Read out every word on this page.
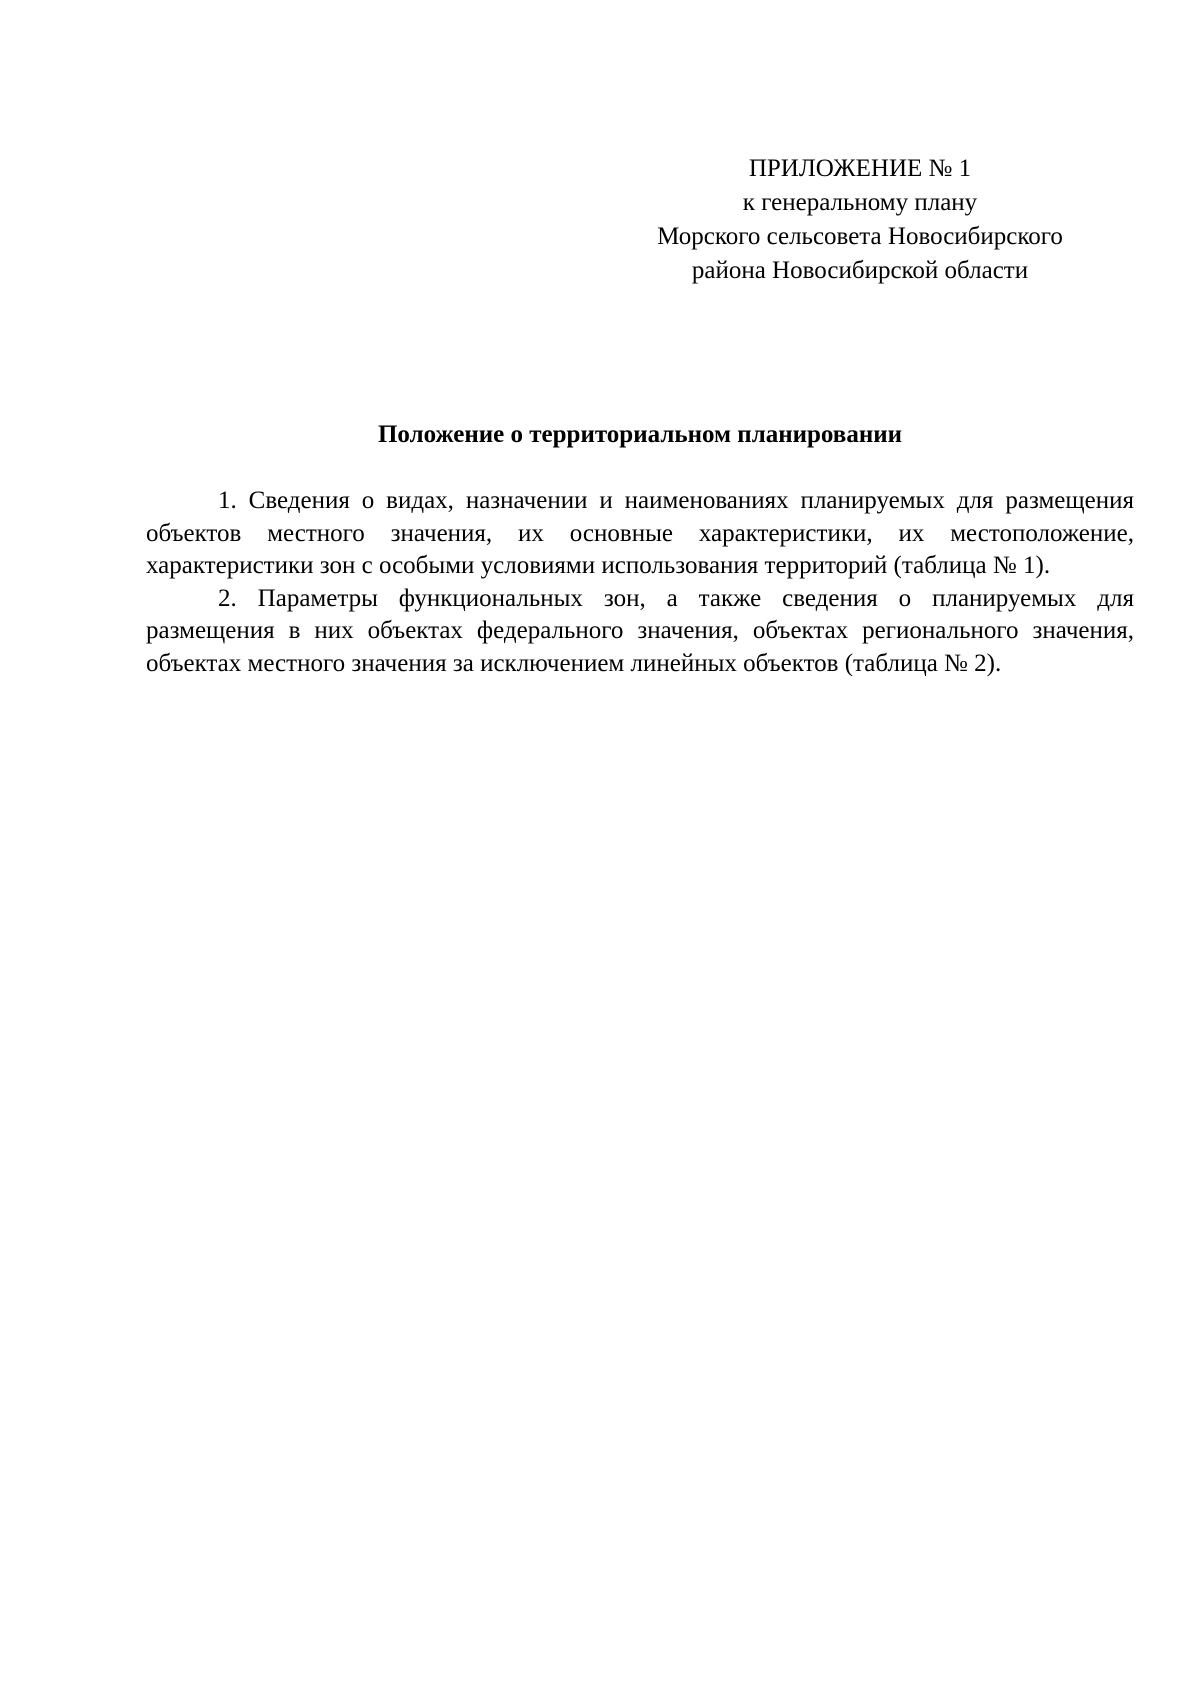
ПРИЛОЖЕНИЕ № 1
к генеральному плану
Морского сельсовета Новосибирского
района Новосибирской области
Положение о территориальном планировании

1. Сведения о видах, назначении и наименованиях планируемых для размещения объектов местного значения, их основные характеристики, их местоположение, характеристики зон с особыми условиями использования территорий (таблица № 1).

2. Параметры функциональных зон, а также сведения о планируемых для размещения в них объектах федерального значения, объектах регионального значения, объектах местного значения за исключением линейных объектов (таблица № 2).
